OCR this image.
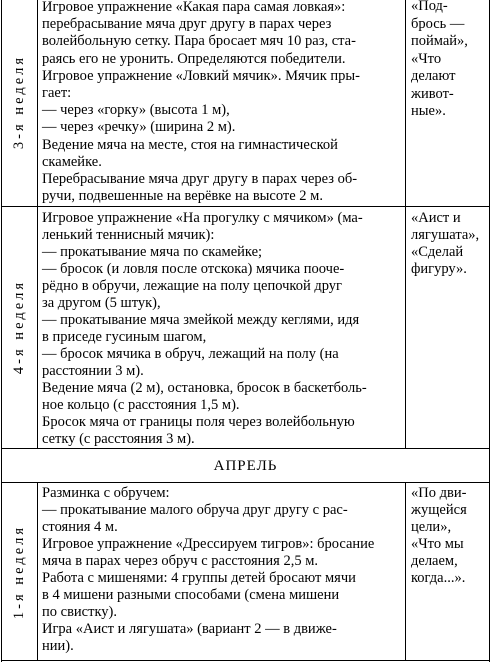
3-я неделя
Игровое упражнение «Какая пара самая ловкая»:
перебрасывание мяча друг другу в парах через
волейбольную сетку. Пара бросает мяч 10 раз, ста-
раясь его не уронить. Определяются победители.
Игровое упражнение «Ловкий мячик». Мячик пры-
гает:
— через «горку» (высота 1 м),
— через «речку» (ширина 2 м).
Ведение мяча на месте, стоя на гимнастической
скамейке.
Перебрасывание мяча друг другу в парах через об-
ручи, подвешенные на верёвке на высоте 2 м.
«Под-
брось —
поймай»,
«Что
делают
живот-
ные».
4-я неделя
Игровое упражнение «На прогулку с мячиком» (ма-
ленький теннисный мячик):
— прокатывание мяча по скамейке;
— бросок (и ловля после отскока) мячика пооче-
рёдно в обручи, лежащие на полу цепочкой друг
за другом (5 штук),
— прокатывание мяча змейкой между кеглями, идя
в приседе гусиным шагом,
— бросок мячика в обруч, лежащий на полу (на
расстоянии 3 м).
Ведение мяча (2 м), остановка, бросок в баскетболь-
ное кольцо (с расстояния 1,5 м).
Бросок мяча от границы поля через волейбольную
сетку (с расстояния 3 м).
«Аист и
лягушата»,
«Сделай
фигуру».
АПРЕЛЬ
1-я неделя
Разминка с обручем:
— прокатывание малого обруча друг другу с рас-
стояния 4 м.
Игровое упражнение «Дрессируем тигров»: бросание
мяча в парах через обруч с расстояния 2,5 м.
Работа с мишенями: 4 группы детей бросают мячи
в 4 мишени разными способами (смена мишени
по свистку).
Игра «Аист и лягушата» (вариант 2 — в движе-
нии).
«По дви-
жущейся
цели»,
«Что мы
делаем,
когда...».
